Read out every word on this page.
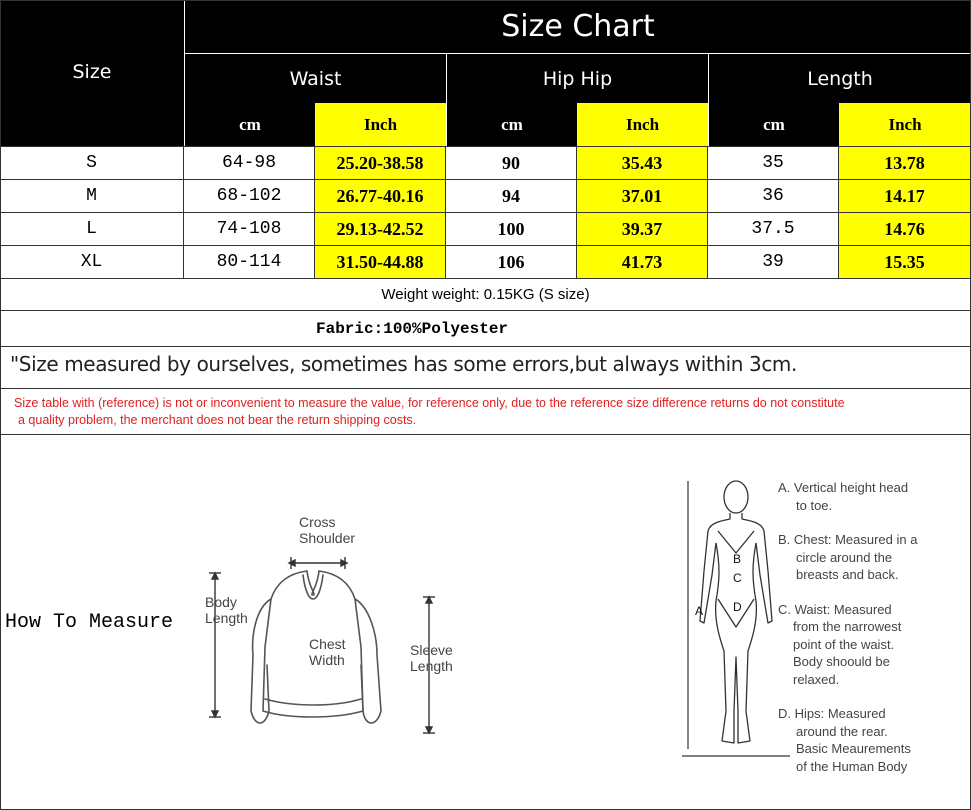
Size
Size Chart
Waist	Hip Hip	Length
cm	Inch	cm	Inch	cm	Inch
S	64-98	25.20-38.58	90	35.43	35	13.78
M	68-102	26.77-40.16	94	37.01	36	14.17
L	74-108	29.13-42.52	100	39.37	37.5	14.76
XL	80-114	31.50-44.88	106	41.73	39	15.35
Weight weight: 0.15KG (S size)
Fabric:100%Polyester
"Size measured by ourselves, sometimes has some errors,but always within 3cm.
Size table with (reference) is not or inconvenient to measure the value, for reference only, due to the reference size difference returns do not constitute
a quality problem, the merchant does not bear the return shipping costs.
How To Measure
Cross
Shoulder
Body
Length
Chest
Width
Sleeve
Length
A
B
C
D
A. Vertical height head
to toe.
B. Chest: Measured in a
circle around the
breasts and back.
C. Waist: Measured
from the narrowest
point of the waist.
Body shoould be
relaxed.
D. Hips: Measured
around the rear.
Basic Meaurements
of the Human Body
